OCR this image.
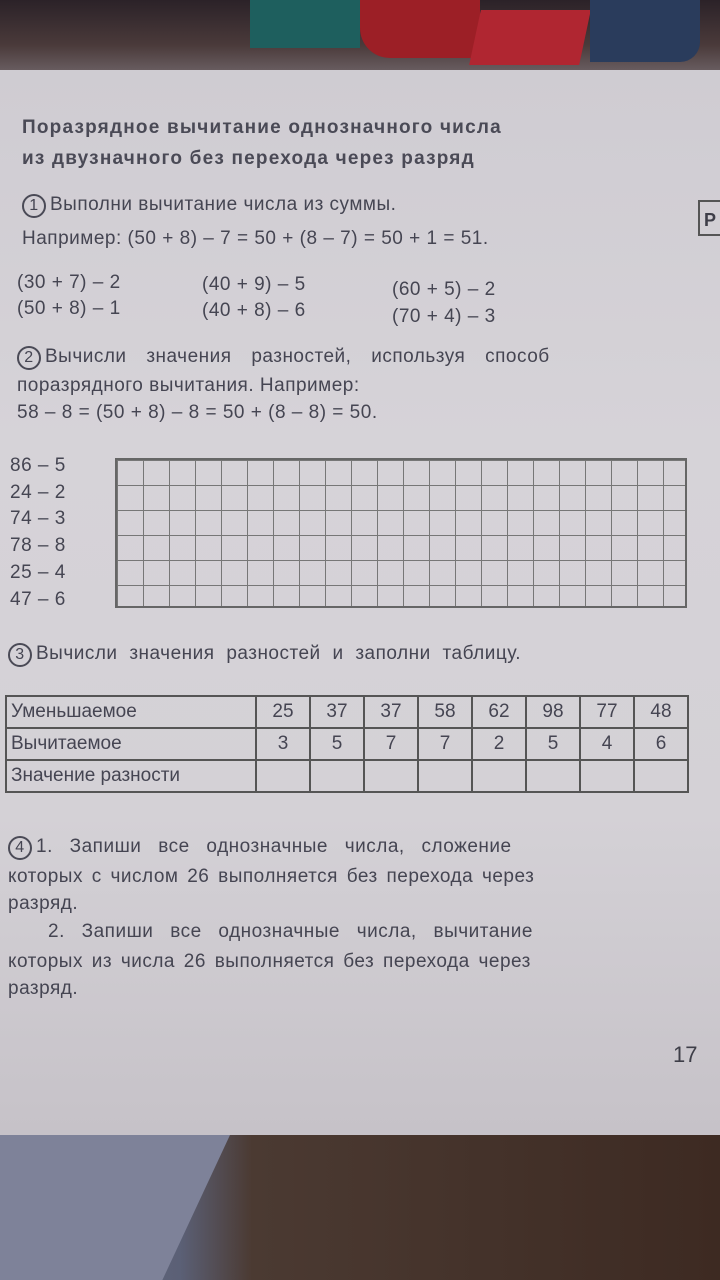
Поразрядное вычитание однозначного числа
из двузначного без перехода через разряд
Р
1 Выполни вычитание числа из суммы.
Например: (50 + 8) – 7 = 50 + (8 – 7) = 50 + 1 = 51.
(30 + 7) – 2	(40 + 9) – 5	(60 + 5) – 2
(50 + 8) – 1	(40 + 8) – 6	(70 + 4) – 3
2 Вычисли значения разностей, используя способ
поразрядного вычитания. Например:
58 – 8 = (50 + 8) – 8 = 50 + (8 – 8) = 50.
86 – 5
24 – 2
74 – 3
78 – 8
25 – 4
47 – 6
3 Вычисли значения разностей и заполни таблицу.
Уменьшаемое	25	37	37	58	62	98	77	48
Вычитаемое	3	5	7	7	2	5	4	6
Значение разности								
4 1. Запиши все однозначные числа, сложение
которых с числом 26 выполняется без перехода через
разряд.
2. Запиши все однозначные числа, вычитание
которых из числа 26 выполняется без перехода через
разряд.
17
